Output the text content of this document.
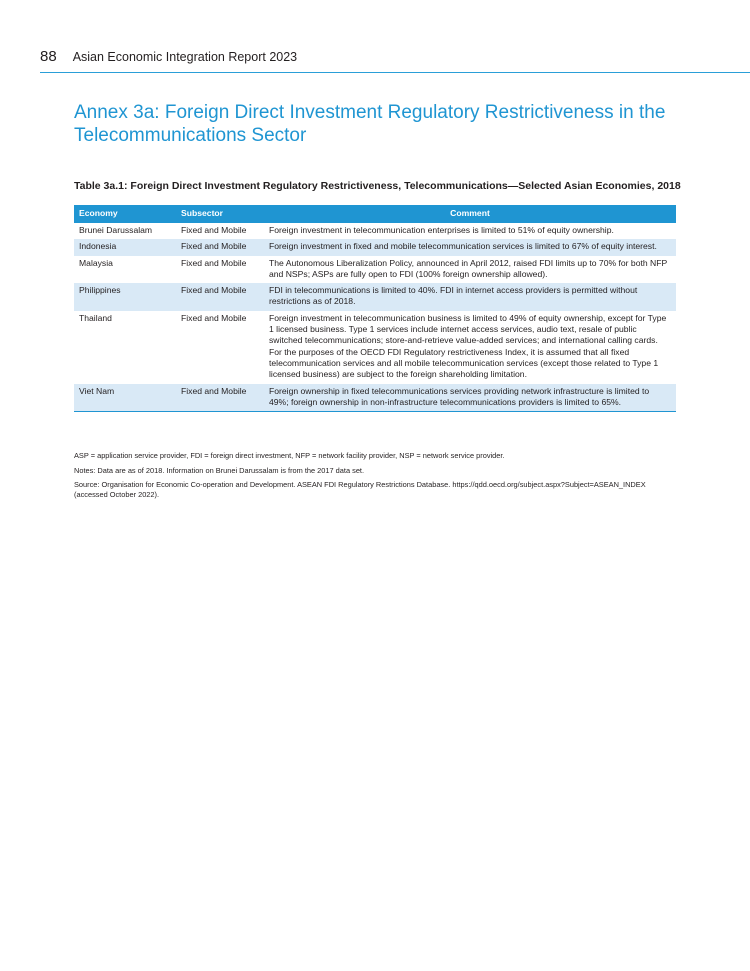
88 Asian Economic Integration Report 2023
Annex 3a: Foreign Direct Investment Regulatory Restrictiveness in the Telecommunications Sector
Table 3a.1: Foreign Direct Investment Regulatory Restrictiveness, Telecommunications—Selected Asian Economies, 2018
Economy	Subsector	Comment
Brunei Darussalam	Fixed and Mobile	Foreign investment in telecommunication enterprises is limited to 51% of equity ownership.
Indonesia	Fixed and Mobile	Foreign investment in fixed and mobile telecommunication services is limited to 67% of equity interest.
Malaysia	Fixed and Mobile	The Autonomous Liberalization Policy, announced in April 2012, raised FDI limits up to 70% for both NFP and NSPs; ASPs are fully open to FDI (100% foreign ownership allowed).
Philippines	Fixed and Mobile	FDI in telecommunications is limited to 40%. FDI in internet access providers is permitted without restrictions as of 2018.
Thailand	Fixed and Mobile	Foreign investment in telecommunication business is limited to 49% of equity ownership, except for Type 1 licensed business. Type 1 services include internet access services, audio text, resale of public switched telecommunications; store-and-retrieve value-added services; and international calling cards. For the purposes of the OECD FDI Regulatory restrictiveness Index, it is assumed that all fixed telecommunication services and all mobile telecommunication services (except those related to Type 1 licensed business) are subject to the foreign shareholding limitation.
Viet Nam	Fixed and Mobile	Foreign ownership in fixed telecommunications services providing network infrastructure is limited to 49%; foreign ownership in non-infrastructure telecommunications providers is limited to 65%.

ASP = application service provider, FDI = foreign direct investment, NFP = network facility provider, NSP = network service provider.

Notes: Data are as of 2018. Information on Brunei Darussalam is from the 2017 data set.

Source: Organisation for Economic Co-operation and Development. ASEAN FDI Regulatory Restrictions Database. https://qdd.oecd.org/subject.aspx?Subject=ASEAN_INDEX (accessed October 2022).
